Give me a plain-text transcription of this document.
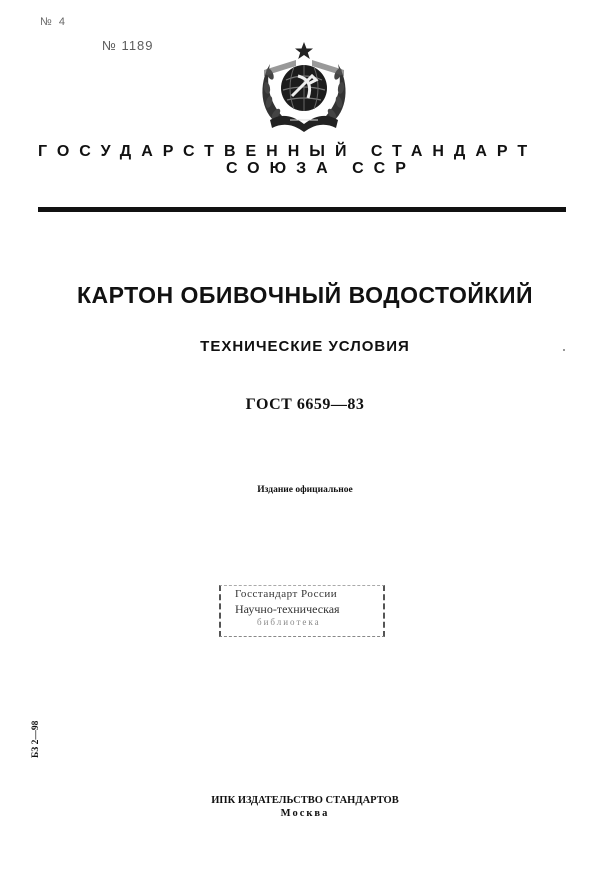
№ 4
№ 1189
ГОСУДАРСТВЕННЫЙ СТАНДАРТ
СОЮЗА ССР
КАРТОН ОБИВОЧНЫЙ ВОДОСТОЙКИЙ
ТЕХНИЧЕСКИЕ УСЛОВИЯ
ГОСТ 6659—83
Издание официальное
Госстандарт России
Научно-техническая
библиотека
БЗ 2—98
ИПК ИЗДАТЕЛЬСТВО СТАНДАРТОВ
Москва
